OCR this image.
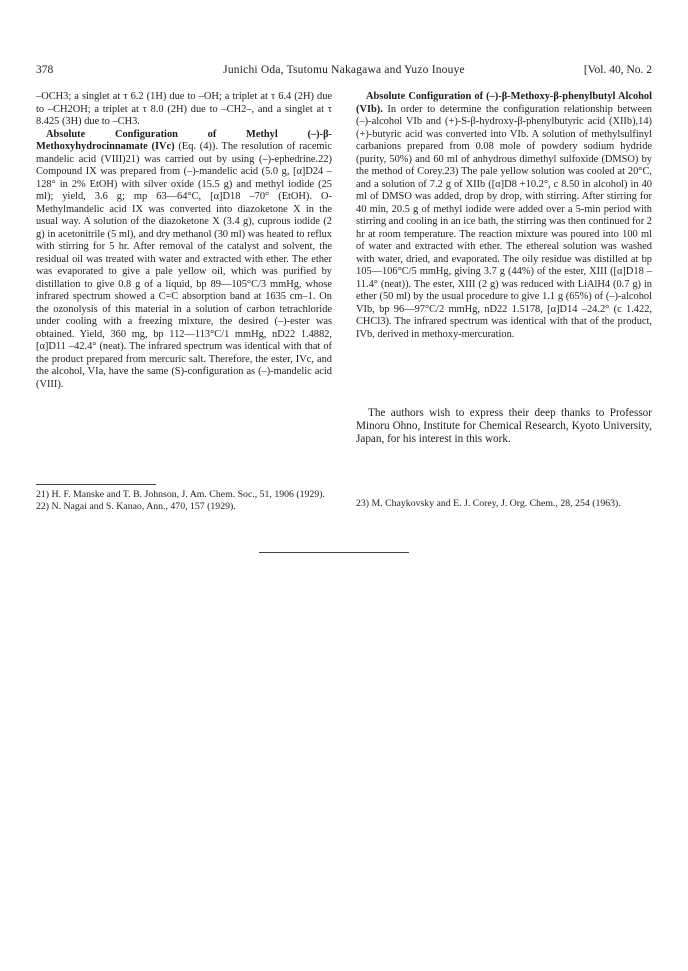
378	Junichi Oda, Tsutomu Nakagawa and Yuzo Inouye	[Vol. 40, No. 2

–OCH3; a singlet at τ 6.2 (1H) due to –OH; a triplet at τ 6.4 (2H) due to –CH2OH; a triplet at τ 8.0 (2H) due to –CH2–, and a singlet at τ 8.425 (3H) due to –CH3.

Absolute Configuration of Methyl (–)-β-Methoxyhydrocinnamate (IVc) (Eq. (4)). The resolution of racemic mandelic acid (VIII)21) was carried out by using (–)-ephedrine.22) Compound IX was prepared from (–)-mandelic acid (5.0 g, [α]D24 –128° in 2% EtOH) with silver oxide (15.5 g) and methyl iodide (25 ml); yield, 3.6 g; mp 63—64°C, [α]D18 –70° (EtOH). O-Methylmandelic acid IX was converted into diazoketone X in the usual way. A solution of the diazoketone X (3.4 g), cuprous iodide (2 g) in acetonitrile (5 ml), and dry methanol (30 ml) was heated to reflux with stirring for 5 hr. After removal of the catalyst and solvent, the residual oil was treated with water and extracted with ether. The ether was evaporated to give a pale yellow oil, which was purified by distillation to give 0.8 g of a liquid, bp 89—105°C/3 mmHg, whose infrared spectrum showed a C=C absorption band at 1635 cm–1. On the ozonolysis of this material in a solution of carbon tetrachloride under cooling with a freezing mixture, the desired (–)-ester was obtained. Yield, 360 mg, bp 112—113°C/1 mmHg, nD22 1.4882, [α]D11 –42.4° (neat). The infrared spectrum was identical with that of the product prepared from mercuric salt. Therefore, the ester, IVc, and the alcohol, VIa, have the same (S)-configuration as (–)-mandelic acid (VIII).

21) H. F. Manske and T. B. Johnson, J. Am. Chem. Soc., 51, 1906 (1929).
22) N. Nagai and S. Kanao, Ann., 470, 157 (1929).

Absolute Configuration of (–)-β-Methoxy-β-phenylbutyl Alcohol (VIb). In order to determine the configuration relationship between (–)-alcohol VIb and (+)-S-β-hydroxy-β-phenylbutyric acid (XIIb),14) (+)-butyric acid was converted into VIb. A solution of methylsulfinyl carbanions prepared from 0.08 mole of powdery sodium hydride (purity, 50%) and 60 ml of anhydrous dimethyl sulfoxide (DMSO) by the method of Corey.23) The pale yellow solution was cooled at 20°C, and a solution of 7.2 g of XIIb ([α]D8 +10.2°, c 8.50 in alcohol) in 40 ml of DMSO was added, drop by drop, with stirring. After stirring for 40 min, 20.5 g of methyl iodide were added over a 5-min period with stirring and cooling in an ice bath, the stirring was then continued for 2 hr at room temperature. The reaction mixture was poured into 100 ml of water and extracted with ether. The ethereal solution was washed with water, dried, and evaporated. The oily residue was distilled at bp 105—106°C/5 mmHg, giving 3.7 g (44%) of the ester, XIII ([α]D18 –11.4° (neat)). The ester, XIII (2 g) was reduced with LiAlH4 (0.7 g) in ether (50 ml) by the usual procedure to give 1.1 g (65%) of (–)-alcohol VIb, bp 96—97°C/2 mmHg, nD22 1.5178, [α]D14 –24.2° (c 1.422, CHCl3). The infrared spectrum was identical with that of the product, IVb, derived in methoxy-mercuration.

The authors wish to express their deep thanks to Professor Minoru Ohno, Institute for Chemical Research, Kyoto University, Japan, for his interest in this work.
23) M. Chaykovsky and E. J. Corey, J. Org. Chem., 28, 254 (1963).
